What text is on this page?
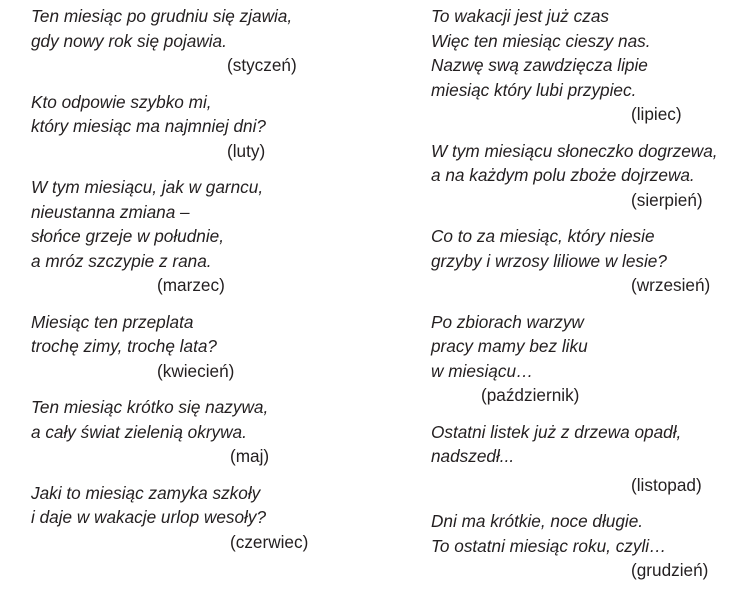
Ten miesiąc po grudniu się zjawia,
gdy nowy rok się pojawia.
(styczeń)
Kto odpowie szybko mi,
który miesiąc ma najmniej dni?
(luty)
W tym miesiącu, jak w garncu,
nieustanna zmiana –
słońce grzeje w południe,
a mróz szczypie z rana.
(marzec)
Miesiąc ten przeplata
trochę zimy, trochę lata?
(kwiecień)
Ten miesiąc krótko się nazywa,
a cały świat zielenią okrywa.
(maj)
Jaki to miesiąc zamyka szkoły
i daje w wakacje urlop wesoły?
(czerwiec)
To wakacji jest już czas
Więc ten miesiąc cieszy nas.
Nazwę swą zawdzięcza lipie
miesiąc który lubi przypiec.
(lipiec)
W tym miesiącu słoneczko dogrzewa,
a na każdym polu zboże dojrzewa.
(sierpień)
Co to za miesiąc, który niesie
grzyby i wrzosy liliowe w lesie?
(wrzesień)
Po zbiorach warzyw
pracy mamy bez liku
w miesiącu…
(październik)
Ostatni listek już z drzewa opadł,
nadszedł...
(listopad)
Dni ma krótkie, noce długie.
To ostatni miesiąc roku, czyli…
(grudzień)
